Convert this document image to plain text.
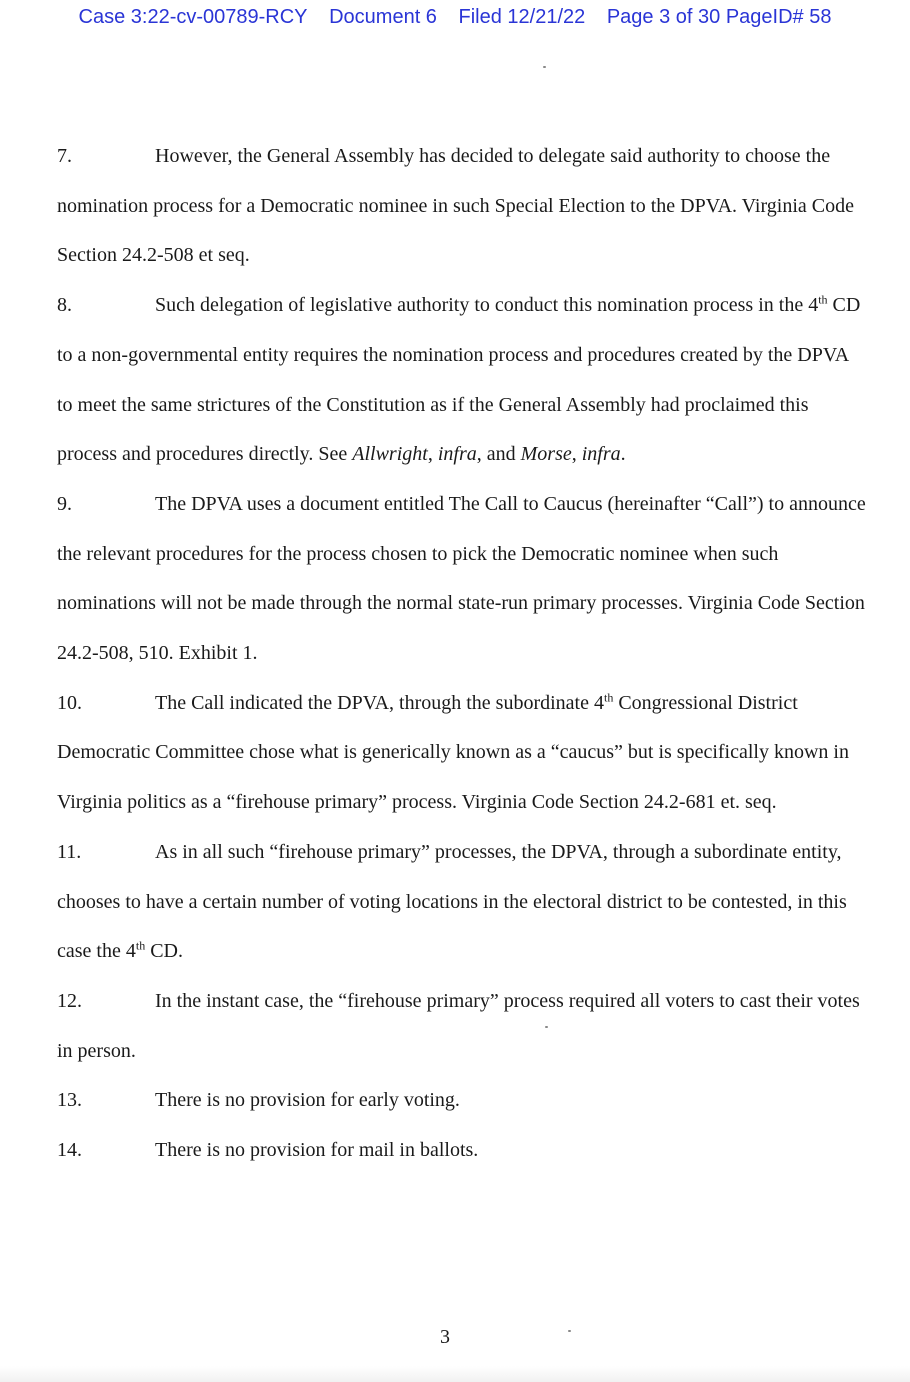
Case 3:22-cv-00789-RCY Document 6 Filed 12/21/22 Page 3 of 30 PageID# 58

7.	However, the General Assembly has decided to delegate said authority to choose the nomination process for a Democratic nominee in such Special Election to the DPVA. Virginia Code Section 24.2-508 et seq.

8.	Such delegation of legislative authority to conduct this nomination process in the 4th CD to a non-governmental entity requires the nomination process and procedures created by the DPVA to meet the same strictures of the Constitution as if the General Assembly had proclaimed this process and procedures directly. See Allwright, infra, and Morse, infra.

9.	The DPVA uses a document entitled The Call to Caucus (hereinafter “Call”) to announce the relevant procedures for the process chosen to pick the Democratic nominee when such nominations will not be made through the normal state-run primary processes. Virginia Code Section 24.2-508, 510. Exhibit 1.

10.	The Call indicated the DPVA, through the subordinate 4th Congressional District Democratic Committee chose what is generically known as a “caucus” but is specifically known in Virginia politics as a “firehouse primary” process. Virginia Code Section 24.2-681 et. seq.

11.	As in all such “firehouse primary” processes, the DPVA, through a subordinate entity, chooses to have a certain number of voting locations in the electoral district to be contested, in this case the 4th CD.

12.	In the instant case, the “firehouse primary” process required all voters to cast their votes in person.

13.	There is no provision for early voting.

14.	There is no provision for mail in ballots.

3
